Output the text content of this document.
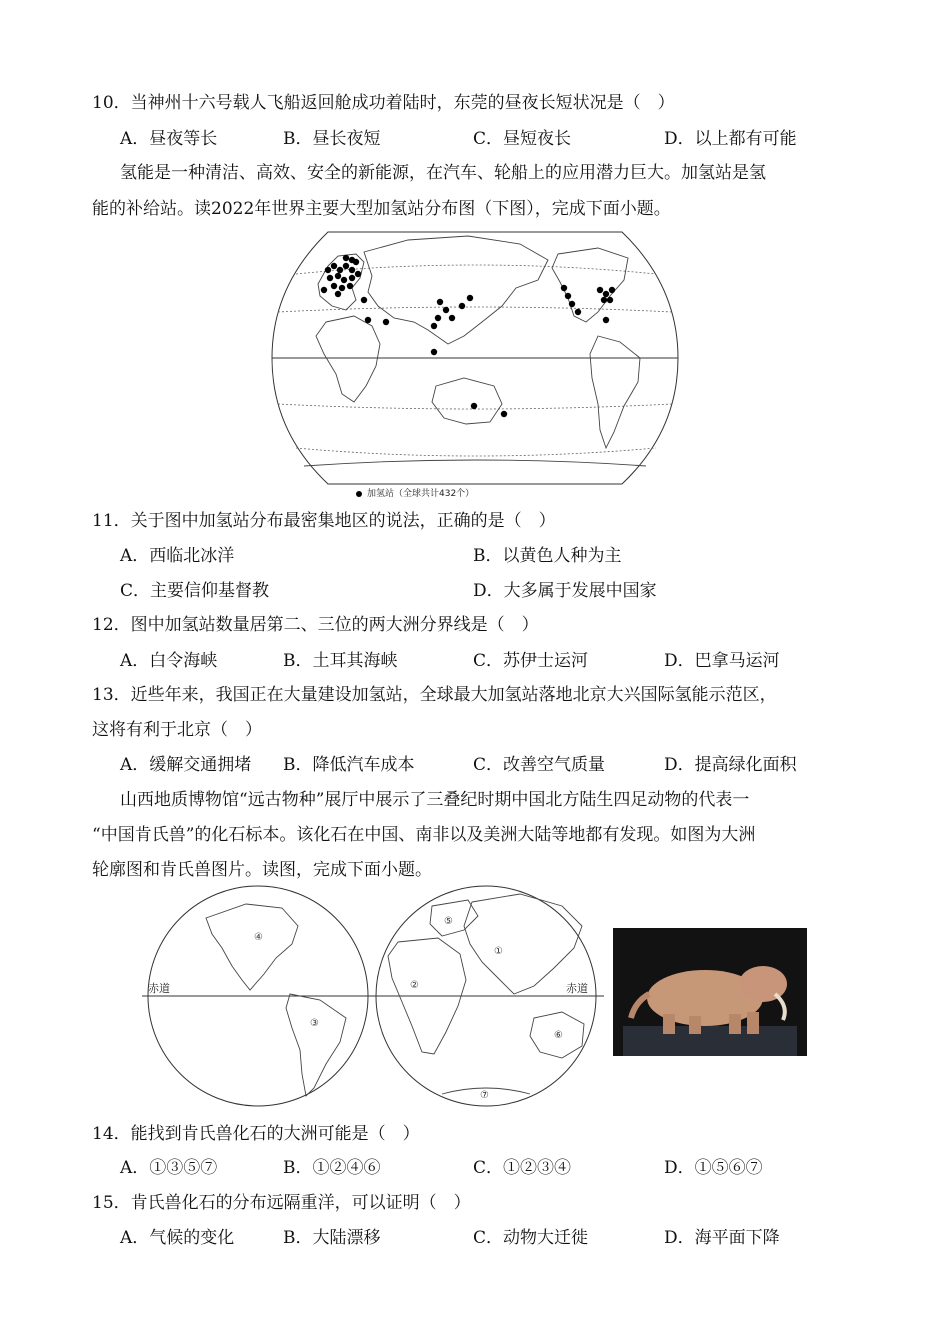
10．当神州十六号载人飞船返回舱成功着陆时，东莞的昼夜长短状况是（　）
A．昼夜等长	B．昼长夜短	C．昼短夜长	D．以上都有可能
氢能是一种清洁、高效、安全的新能源，在汽车、轮船上的应用潜力巨大。加氢站是氢
能的补给站。读2022年世界主要大型加氢站分布图（下图），完成下面小题。
加氢站（全球共计432个）
11．关于图中加氢站分布最密集地区的说法，正确的是（　）
A．西临北冰洋	B．以黄色人种为主
C．主要信仰基督教	D．大多属于发展中国家
12．图中加氢站数量居第二、三位的两大洲分界线是（　）
A．白令海峡	B．土耳其海峡	C．苏伊士运河	D．巴拿马运河
13．近些年来，我国正在大量建设加氢站，全球最大加氢站落地北京大兴国际氢能示范区，
这将有利于北京（　）
A．缓解交通拥堵 B．降低汽车成本	C．改善空气质量	D．提高绿化面积
山西地质博物馆“远古物种”展厅中展示了三叠纪时期中国北方陆生四足动物的代表一
“中国肯氏兽”的化石标本。该化石在中国、南非以及美洲大陆等地都有发现。如图为大洲
轮廓图和肯氏兽图片。读图，完成下面小题。
赤道	赤道
①
②
③
④
⑤
⑥
⑦
14．能找到肯氏兽化石的大洲可能是（　）
A．①③⑤⑦	B．①②④⑥	C．①②③④	D．①⑤⑥⑦
15．肯氏兽化石的分布远隔重洋，可以证明（　）
A．气候的变化	B．大陆漂移	C．动物大迁徙	D．海平面下降
